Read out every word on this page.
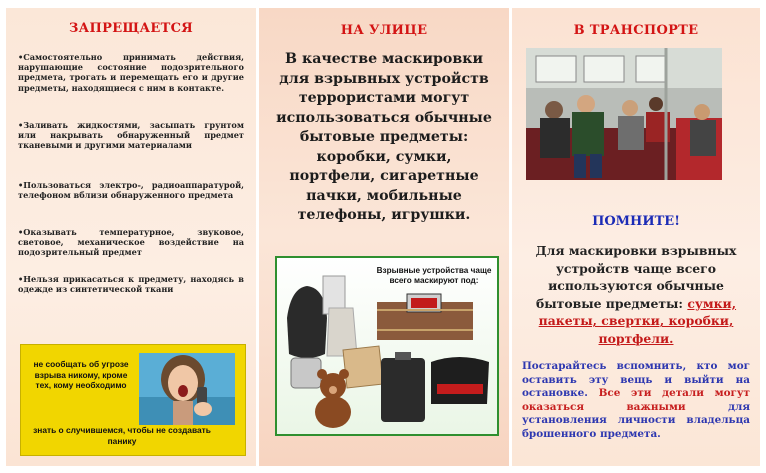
ЗАПРЕЩАЕТСЯ
•Самостоятельно принимать действия, нарушающие состояние подозрительного предмета, трогать и перемещать его и другие предметы, находящиеся с ним в контакте.
•Заливать жидкостями, засыпать грунтом или накрывать обнаруженный предмет тканевыми и другими материалами
•Пользоваться электро-, радиоаппаратурой, телефоном вблизи обнаруженного предмета
•Оказывать температурное, звуковое, световое, механическое воздействие на подозрительный предмет
•Нельзя прикасаться к предмету, находясь в одежде из синтетической ткани
не сообщать об угрозе взрыва никому, кроме тех, кому необходимо
знать о случившемся, чтобы не создавать панику
НА УЛИЦЕ
В качестве маскировки для взрывных устройств террористами могут использоваться обычные бытовые предметы: коробки, сумки, портфели, сигаретные пачки, мобильные телефоны, игрушки.
Взрывные устройства чаще всего маскируют под:
В ТРАНСПОРТЕ
ПОМНИТЕ!
Для маскировки взрывных устройств чаще всего используются обычные бытовые предметы: сумки, пакеты, свертки, коробки, портфели.
Постарайтесь вспомнить, кто мог оставить эту вещь и выйти на остановке. Все эти детали могут оказаться важными	для установления личности владельца брошенного предмета.
